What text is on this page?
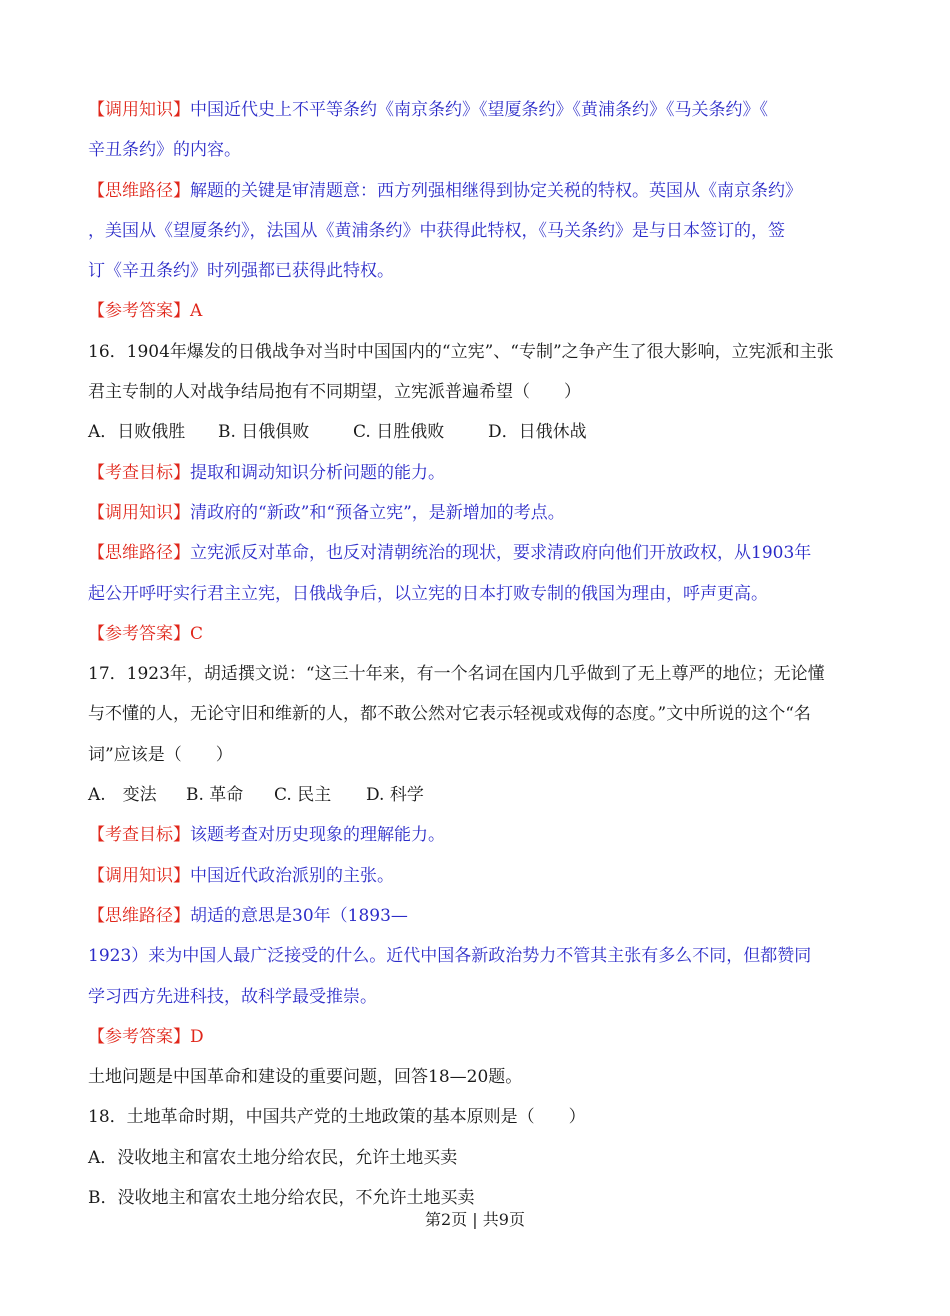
【调用知识】中国近代史上不平等条约《南京条约》《望厦条约》《黄浦条约》《马关条约》《
辛丑条约》的内容。
【思维路径】解题的关键是审清题意：西方列强相继得到协定关税的特权。英国从《南京条约》
，美国从《望厦条约》，法国从《黄浦条约》中获得此特权，《马关条约》是与日本签订的，签
订《辛丑条约》时列强都已获得此特权。
【参考答案】A
16．1904年爆发的日俄战争对当时中国国内的“立宪”、“专制”之争产生了很大影响，立宪派和主张
君主专制的人对战争结局抱有不同期望，立宪派普遍希望（　　）
A．日败俄胜 B. 日俄俱败	C. 日胜俄败	D．日俄休战
【考查目标】提取和调动知识分析问题的能力。
【调用知识】清政府的“新政”和“预备立宪”，是新增加的考点。
【思维路径】立宪派反对革命，也反对清朝统治的现状，要求清政府向他们开放政权，从1903年
起公开呼吁实行君主立宪，日俄战争后，以立宪的日本打败专制的俄国为理由，呼声更高。
【参考答案】C
17．1923年，胡适撰文说：“这三十年来，有一个名词在国内几乎做到了无上尊严的地位；无论懂
与不懂的人，无论守旧和维新的人，都不敢公然对它表示轻视或戏侮的态度。”文中所说的这个“名
词”应该是（　　）
A.　变法 B. 革命 C. 民主 D. 科学
【考查目标】该题考查对历史现象的理解能力。
【调用知识】中国近代政治派别的主张。
【思维路径】胡适的意思是30年（1893—
1923）来为中国人最广泛接受的什么。近代中国各新政治势力不管其主张有多么不同，但都赞同
学习西方先进科技，故科学最受推崇。
【参考答案】D
土地问题是中国革命和建设的重要问题，回答18—20题。
18．土地革命时期，中国共产党的土地政策的基本原则是（　　）
A．没收地主和富农土地分给农民，允许土地买卖
B．没收地主和富农土地分给农民，不允许土地买卖
第2页 | 共9页
